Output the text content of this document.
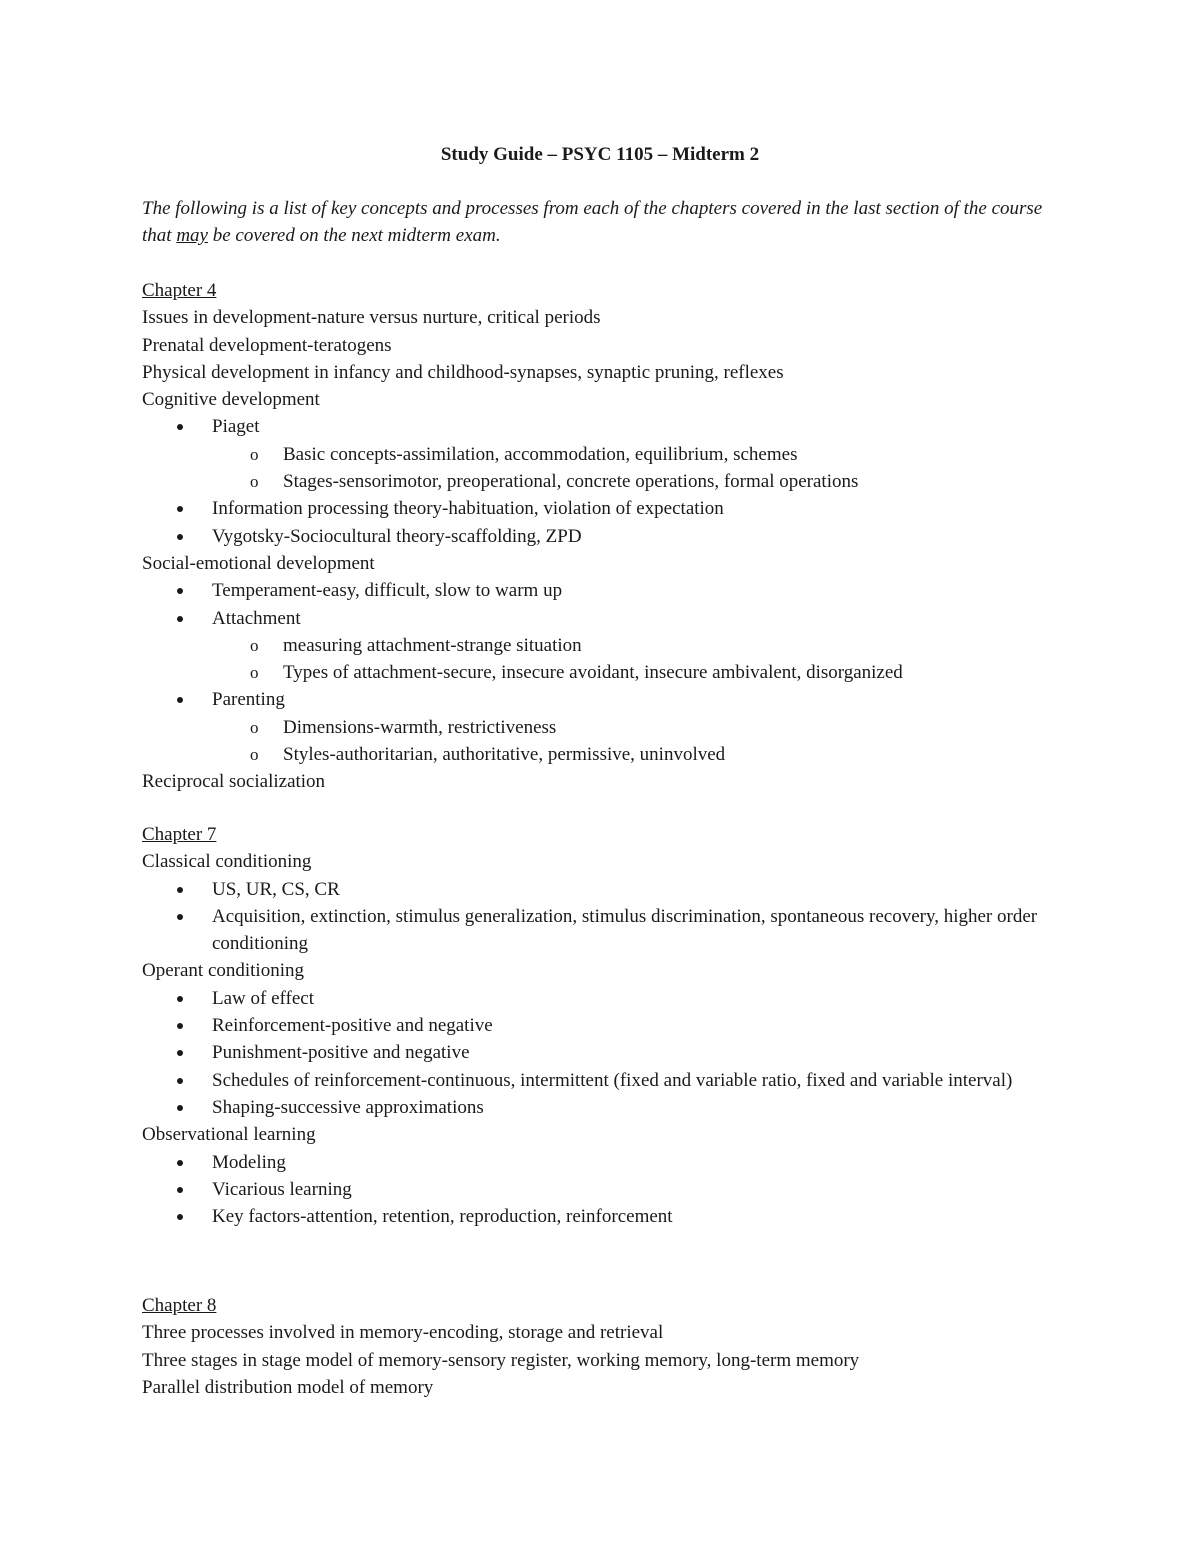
Study Guide – PSYC 1105 – Midterm 2
The following is a list of key concepts and processes from each of the chapters covered in the last section of the course that may be covered on the next midterm exam.
Chapter 4
Issues in development-nature versus nurture, critical periods
Prenatal development-teratogens
Physical development in infancy and childhood-synapses, synaptic pruning, reflexes
Cognitive development
Piaget
o Basic concepts-assimilation, accommodation, equilibrium, schemes
o Stages-sensorimotor, preoperational, concrete operations, formal operations
Information processing theory-habituation, violation of expectation
Vygotsky-Sociocultural theory-scaffolding, ZPD
Social-emotional development
Temperament-easy, difficult, slow to warm up
Attachment
o measuring attachment-strange situation
o Types of attachment-secure, insecure avoidant, insecure ambivalent, disorganized
Parenting
o Dimensions-warmth, restrictiveness
o Styles-authoritarian, authoritative, permissive, uninvolved
Reciprocal socialization
Chapter 7
Classical conditioning
US, UR, CS, CR
Acquisition, extinction, stimulus generalization, stimulus discrimination, spontaneous recovery, higher order conditioning
Operant conditioning
Law of effect
Reinforcement-positive and negative
Punishment-positive and negative
Schedules of reinforcement-continuous, intermittent (fixed and variable ratio, fixed and variable interval)
Shaping-successive approximations
Observational learning
Modeling
Vicarious learning
Key factors-attention, retention, reproduction, reinforcement
Chapter 8
Three processes involved in memory-encoding, storage and retrieval
Three stages in stage model of memory-sensory register, working memory, long-term memory
Parallel distribution model of memory
